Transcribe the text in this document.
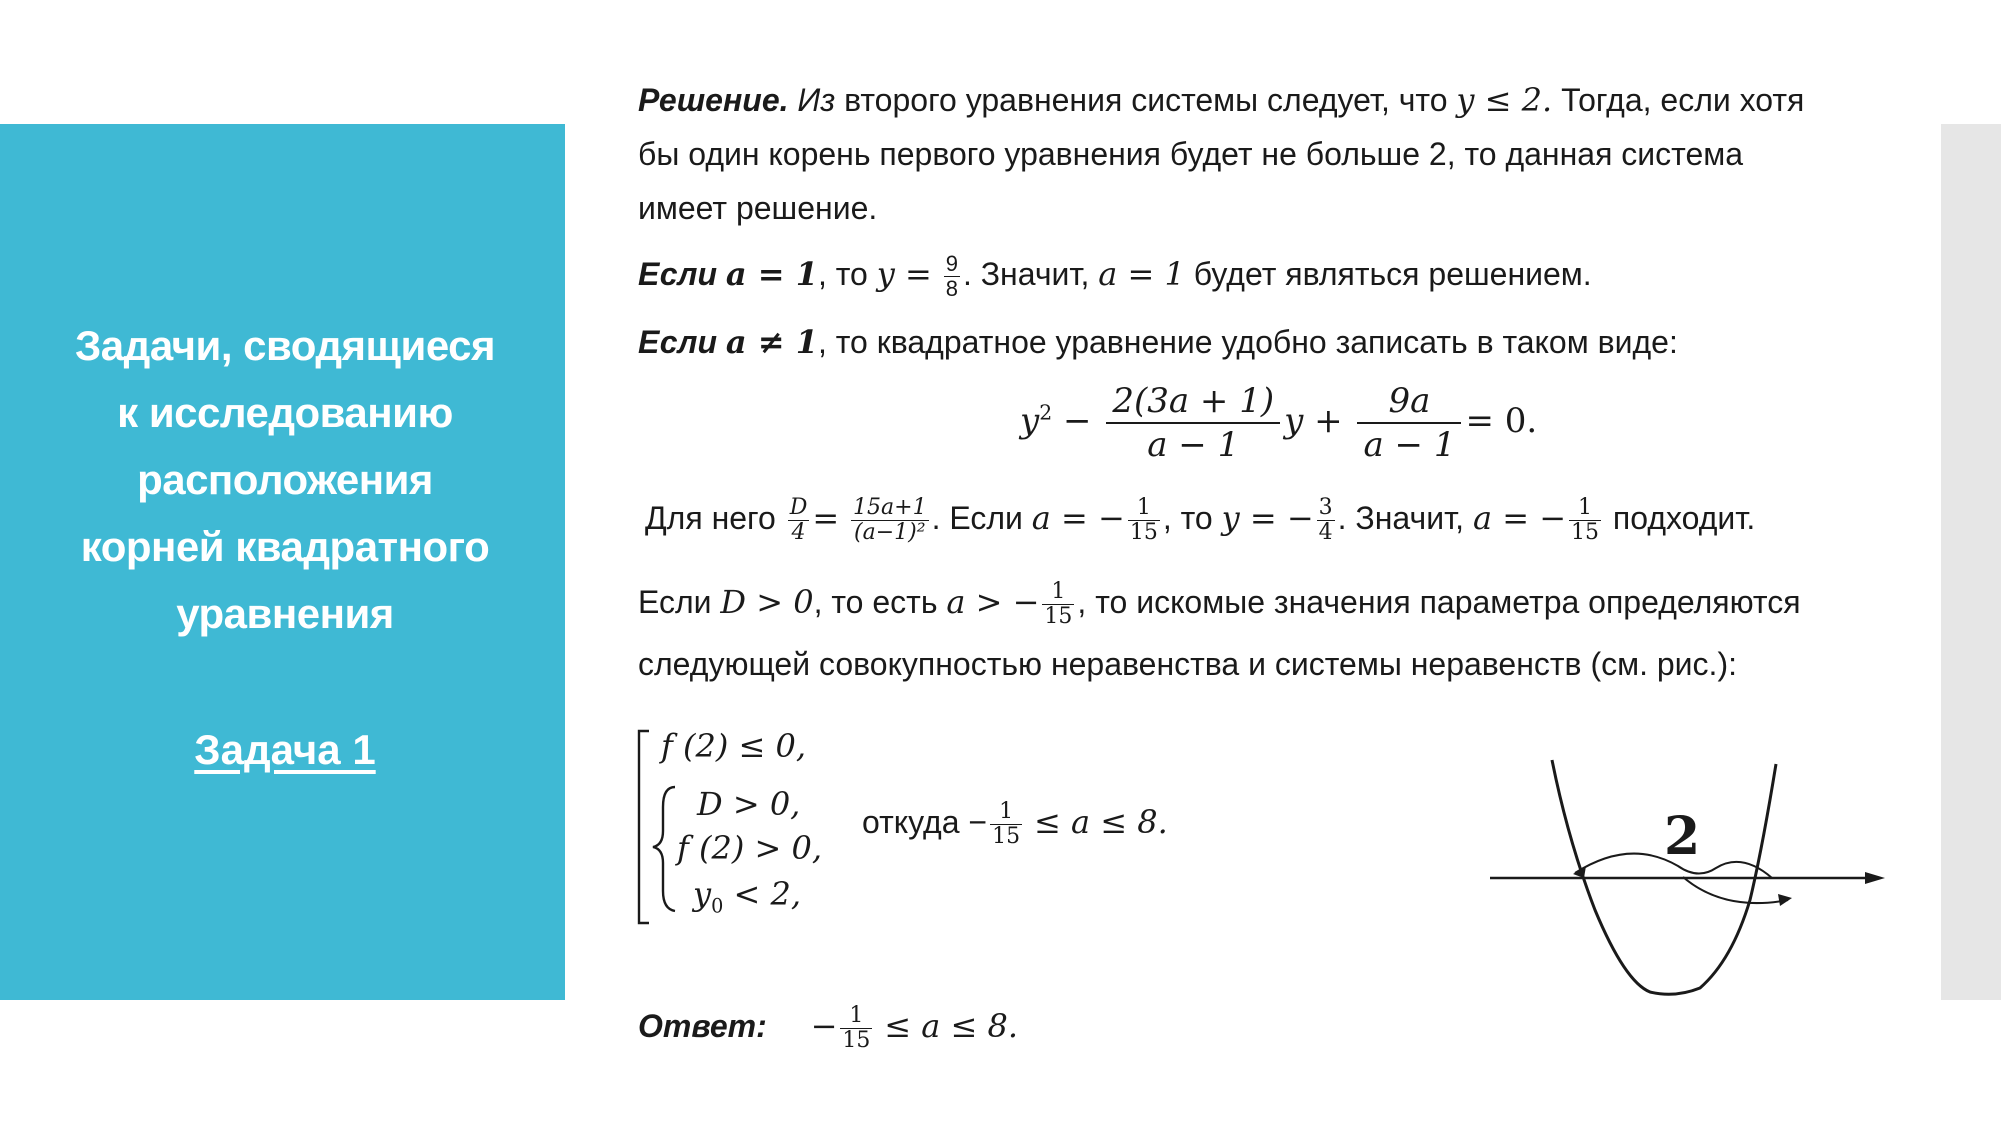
Задачи, сводящиеся
к исследованию
расположения
корней квадратного
уравнения
Задача 1
Решение. Из второго уравнения системы следует, что y ≤ 2. Тогда, если хотя
бы один корень первого уравнения будет не больше 2, то данная система
имеет решение.
Если a = 1, то $y = \frac{9}{8}$ . Значит, a = 1 будет являться решением.
Если a ≠ 1, то квадратное уравнение удобно записать в таком виде:
$y^2 - \frac{2(3a + 1)}{a - 1}$ $y + \frac{9a}{a - 1} = 0$.
Для него $\frac{D}{4} = \frac{15a+1}{\text{(a−1)²}}$ . Если a = − $\frac{1}{15}$ , то y = − $\frac{3}{4}$ . Значит, a = − $\frac{1}{15}$ подходит.
Если D > 0, то есть a > − $\frac{1}{15}$ , то искомые значения параметра определяются
следующей совокупностью неравенства и системы неравенств (см. рис.):
f (2) ≤ 0,
D > 0,
f (2) > 0,
$y_0 < 2$,
откуда − $\frac{1}{15} \le a \le 8$.
Ответ: − $\frac{1}{15} \le a \le 8$.
2
